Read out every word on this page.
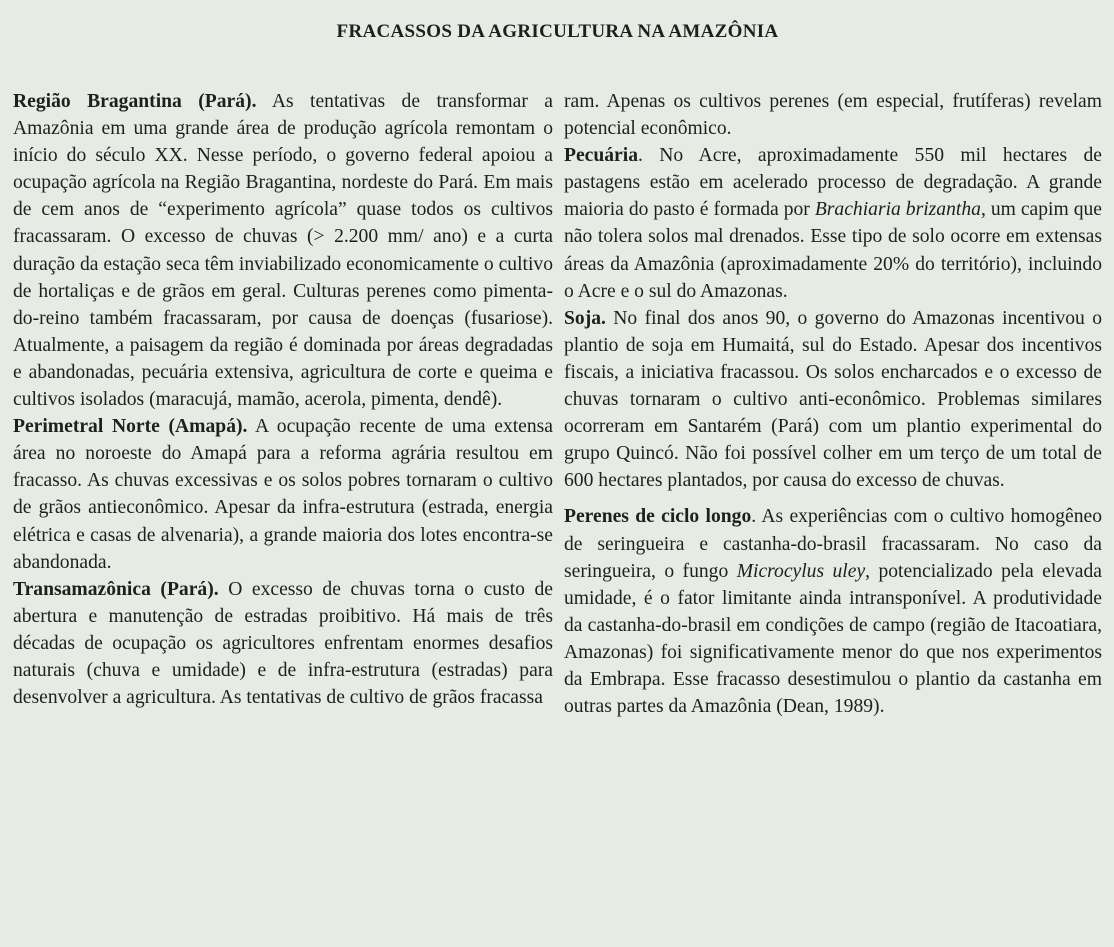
FRACASSOS DA AGRICULTURA NA AMAZÔNIA

Região Bragantina (Pará). As tentativas de transformar a Amazônia em uma grande área de produção agrícola remontam o início do século XX. Nesse período, o governo federal apoiou a ocupação agrícola na Região Bragantina, nordeste do Pará. Em mais de cem anos de “experimento agrícola” quase todos os cultivos fracassaram. O excesso de chuvas (> 2.200 mm/ ano) e a curta duração da estação seca têm inviabilizado economicamente o cultivo de hortaliças e de grãos em geral. Culturas perenes como pimenta-do-reino também fracassaram, por causa de doenças (fusariose). Atualmente, a paisagem da região é dominada por áreas degradadas e abandonadas, pecuária extensiva, agricultura de corte e queima e cultivos isolados (maracujá, mamão, acerola, pimenta, dendê).

Perimetral Norte (Amapá). A ocupação recente de uma extensa área no noroeste do Amapá para a reforma agrária resultou em fracasso. As chuvas excessivas e os solos pobres tornaram o cultivo de grãos antieconômico. Apesar da infra-estrutura (estrada, energia elétrica e casas de alvenaria), a grande maioria dos lotes encontra-se abandonada.

Transamazônica (Pará). O excesso de chuvas torna o custo de abertura e manutenção de estradas proibitivo. Há mais de três décadas de ocupação os agricultores enfrentam enormes desafios naturais (chuva e umidade) e de infra-estrutura (estradas) para desenvolver a agricultura. As tentativas de cultivo de grãos fracassa

ram. Apenas os cultivos perenes (em especial, frutíferas) revelam potencial econômico.

Pecuária. No Acre, aproximadamente 550 mil hectares de pastagens estão em acelerado processo de degradação. A grande maioria do pasto é formada por Brachiaria brizantha, um capim que não tolera solos mal drenados. Esse tipo de solo ocorre em extensas áreas da Amazônia (aproximadamente 20% do território), incluindo o Acre e o sul do Amazonas.

Soja. No final dos anos 90, o governo do Amazonas incentivou o plantio de soja em Humaitá, sul do Estado. Apesar dos incentivos fiscais, a iniciativa fracassou. Os solos encharcados e o excesso de chuvas tornaram o cultivo anti-econômico. Problemas similares ocorreram em Santarém (Pará) com um plantio experimental do grupo Quincó. Não foi possível colher em um terço de um total de 600 hectares plantados, por causa do excesso de chuvas.

Perenes de ciclo longo. As experiências com o cultivo homogêneo de seringueira e castanha-do-brasil fracassaram. No caso da seringueira, o fungo Microcylus uley, potencializado pela elevada umidade, é o fator limitante ainda intransponível. A produtividade da castanha-do-brasil em condições de campo (região de Itacoatiara, Amazonas) foi significativamente menor do que nos experimentos da Embrapa. Esse fracasso desestimulou o plantio da castanha em outras partes da Amazônia (Dean, 1989).
